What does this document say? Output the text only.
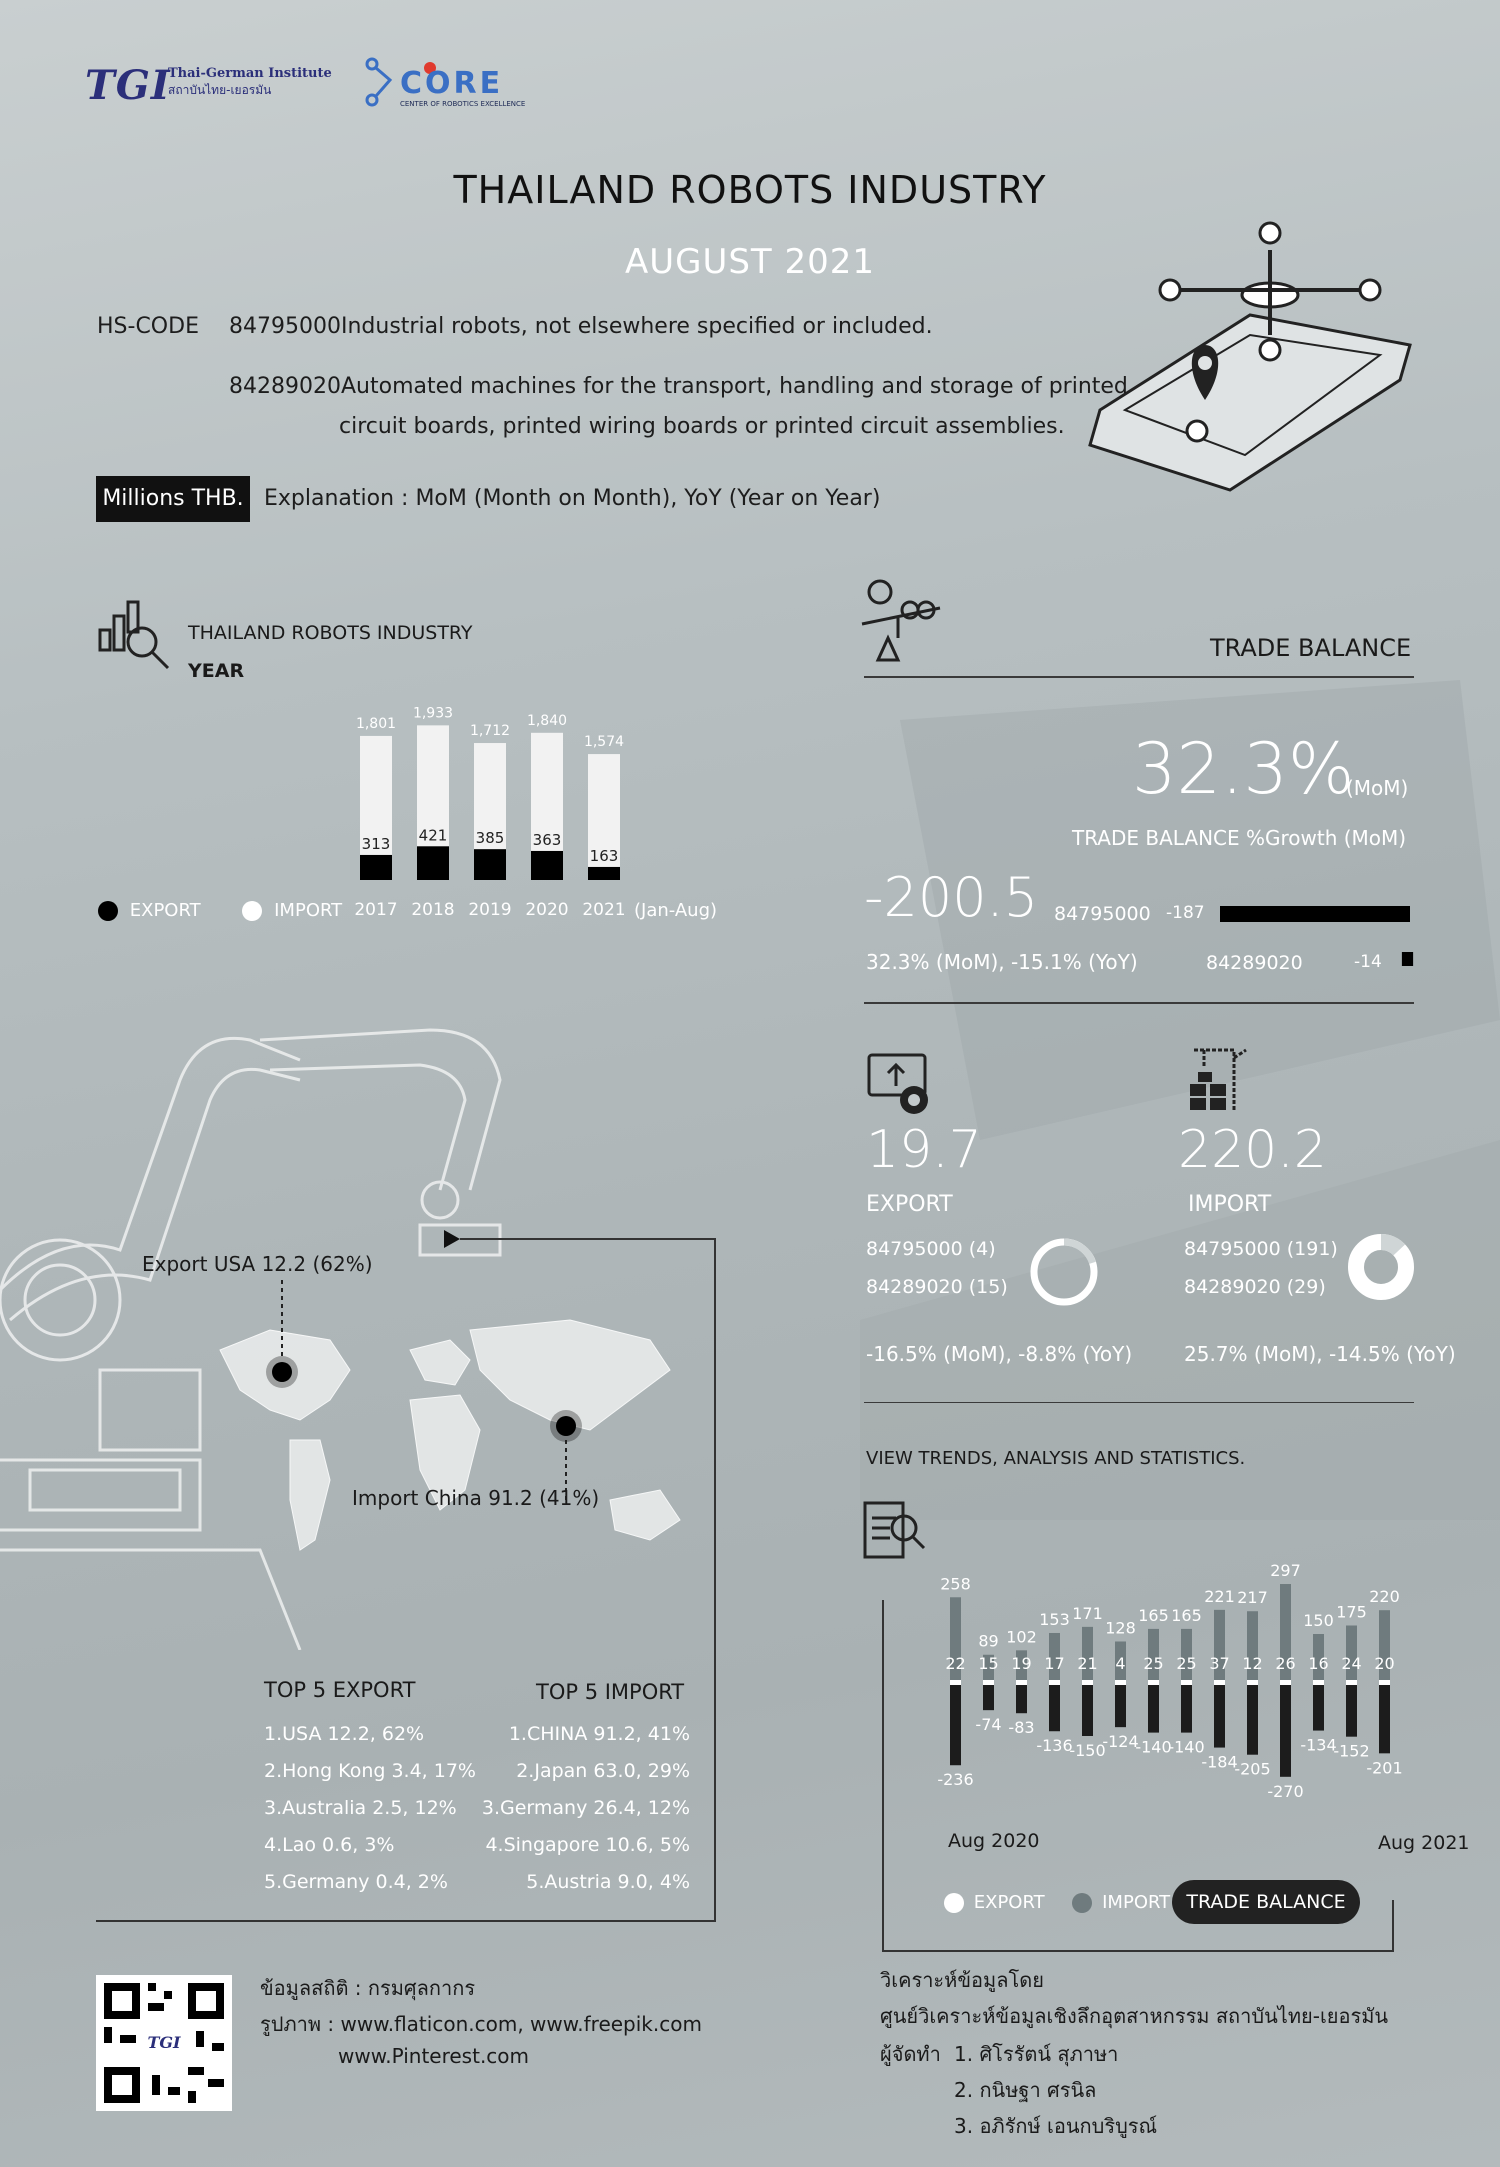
TGI
Thai-German Institute
สถาบันไทย-เยอรมัน	CORE
CENTER OF ROBOTICS EXCELLENCE
THAILAND ROBOTS INDUSTRY
AUGUST 2021
HS-CODE 84795000 Industrial robots, not elsewhere specified or included.
84289020 Automated machines for the transport, handling and storage of printed
circuit boards, printed wiring boards or printed circuit assemblies.
Millions THB. Explanation : MoM (Month on Month), YoY (Year on Year)
THAILAND ROBOTS INDUSTRY
YEAR
313
1,801
2017
421
1,933
2018
385
1,712
2019
363
1,840
2020
163
1,574
2021
EXPORT	IMPORT	(Jan-Aug)
TRADE BALANCE
32.3%
(MoM)
TRADE BALANCE %Growth (MoM)
-200.5
32.3% (MoM), -15.1% (YoY)
84795000 -187
84289020	-14
19.7
EXPORT
84795000 (4)
84289020 (15)
-16.5% (MoM), -8.8% (YoY)
220.2
IMPORT
84795000 (191)
84289020 (29)
25.7% (MoM), -14.5% (YoY)
Export USA 12.2 (62%)
Import China 91.2 (41%)
TOP 5 EXPORT	TOP 5 IMPORT
1.USA 12.2, 62%
2.Hong Kong 3.4, 17%
3.Australia 2.5, 12%
4.Lao 0.6, 3%
5.Germany 0.4, 2%
1.CHINA 91.2, 41%
2.Japan 63.0, 29%
3.Germany 26.4, 12%
4.Singapore 10.6, 5%
5.Austria 9.0, 4%
VIEW TRENDS, ANALYSIS AND STATISTICS.
258
22
-236
89
15
-74
102
19
-83
153
17
-136
171
21
-150
128
4
-124
165
25
-140
165
25
-140
221
37
-184
217
12
-205
297
26
-270
150
16
-134
175
24
-152
220
20
-201
Aug 2020	Aug 2021
EXPORT	IMPORT TRADE BALANCE
TGI
ข้อมูลสถิติ : กรมศุลกากร
รูปภาพ : www.flaticon.com, www.freepik.com
www.Pinterest.com
วิเคราะห์ข้อมูลโดย
ศูนย์วิเคราะห์ข้อมูลเชิงลึกอุตสาหกรรม สถาบันไทย-เยอรมัน
ผู้จัดทำ 1. ศิโรรัตน์ สุภาษา
2. กนิษฐา ศรนิล
3. อภิรักษ์ เอนกบริบูรณ์
